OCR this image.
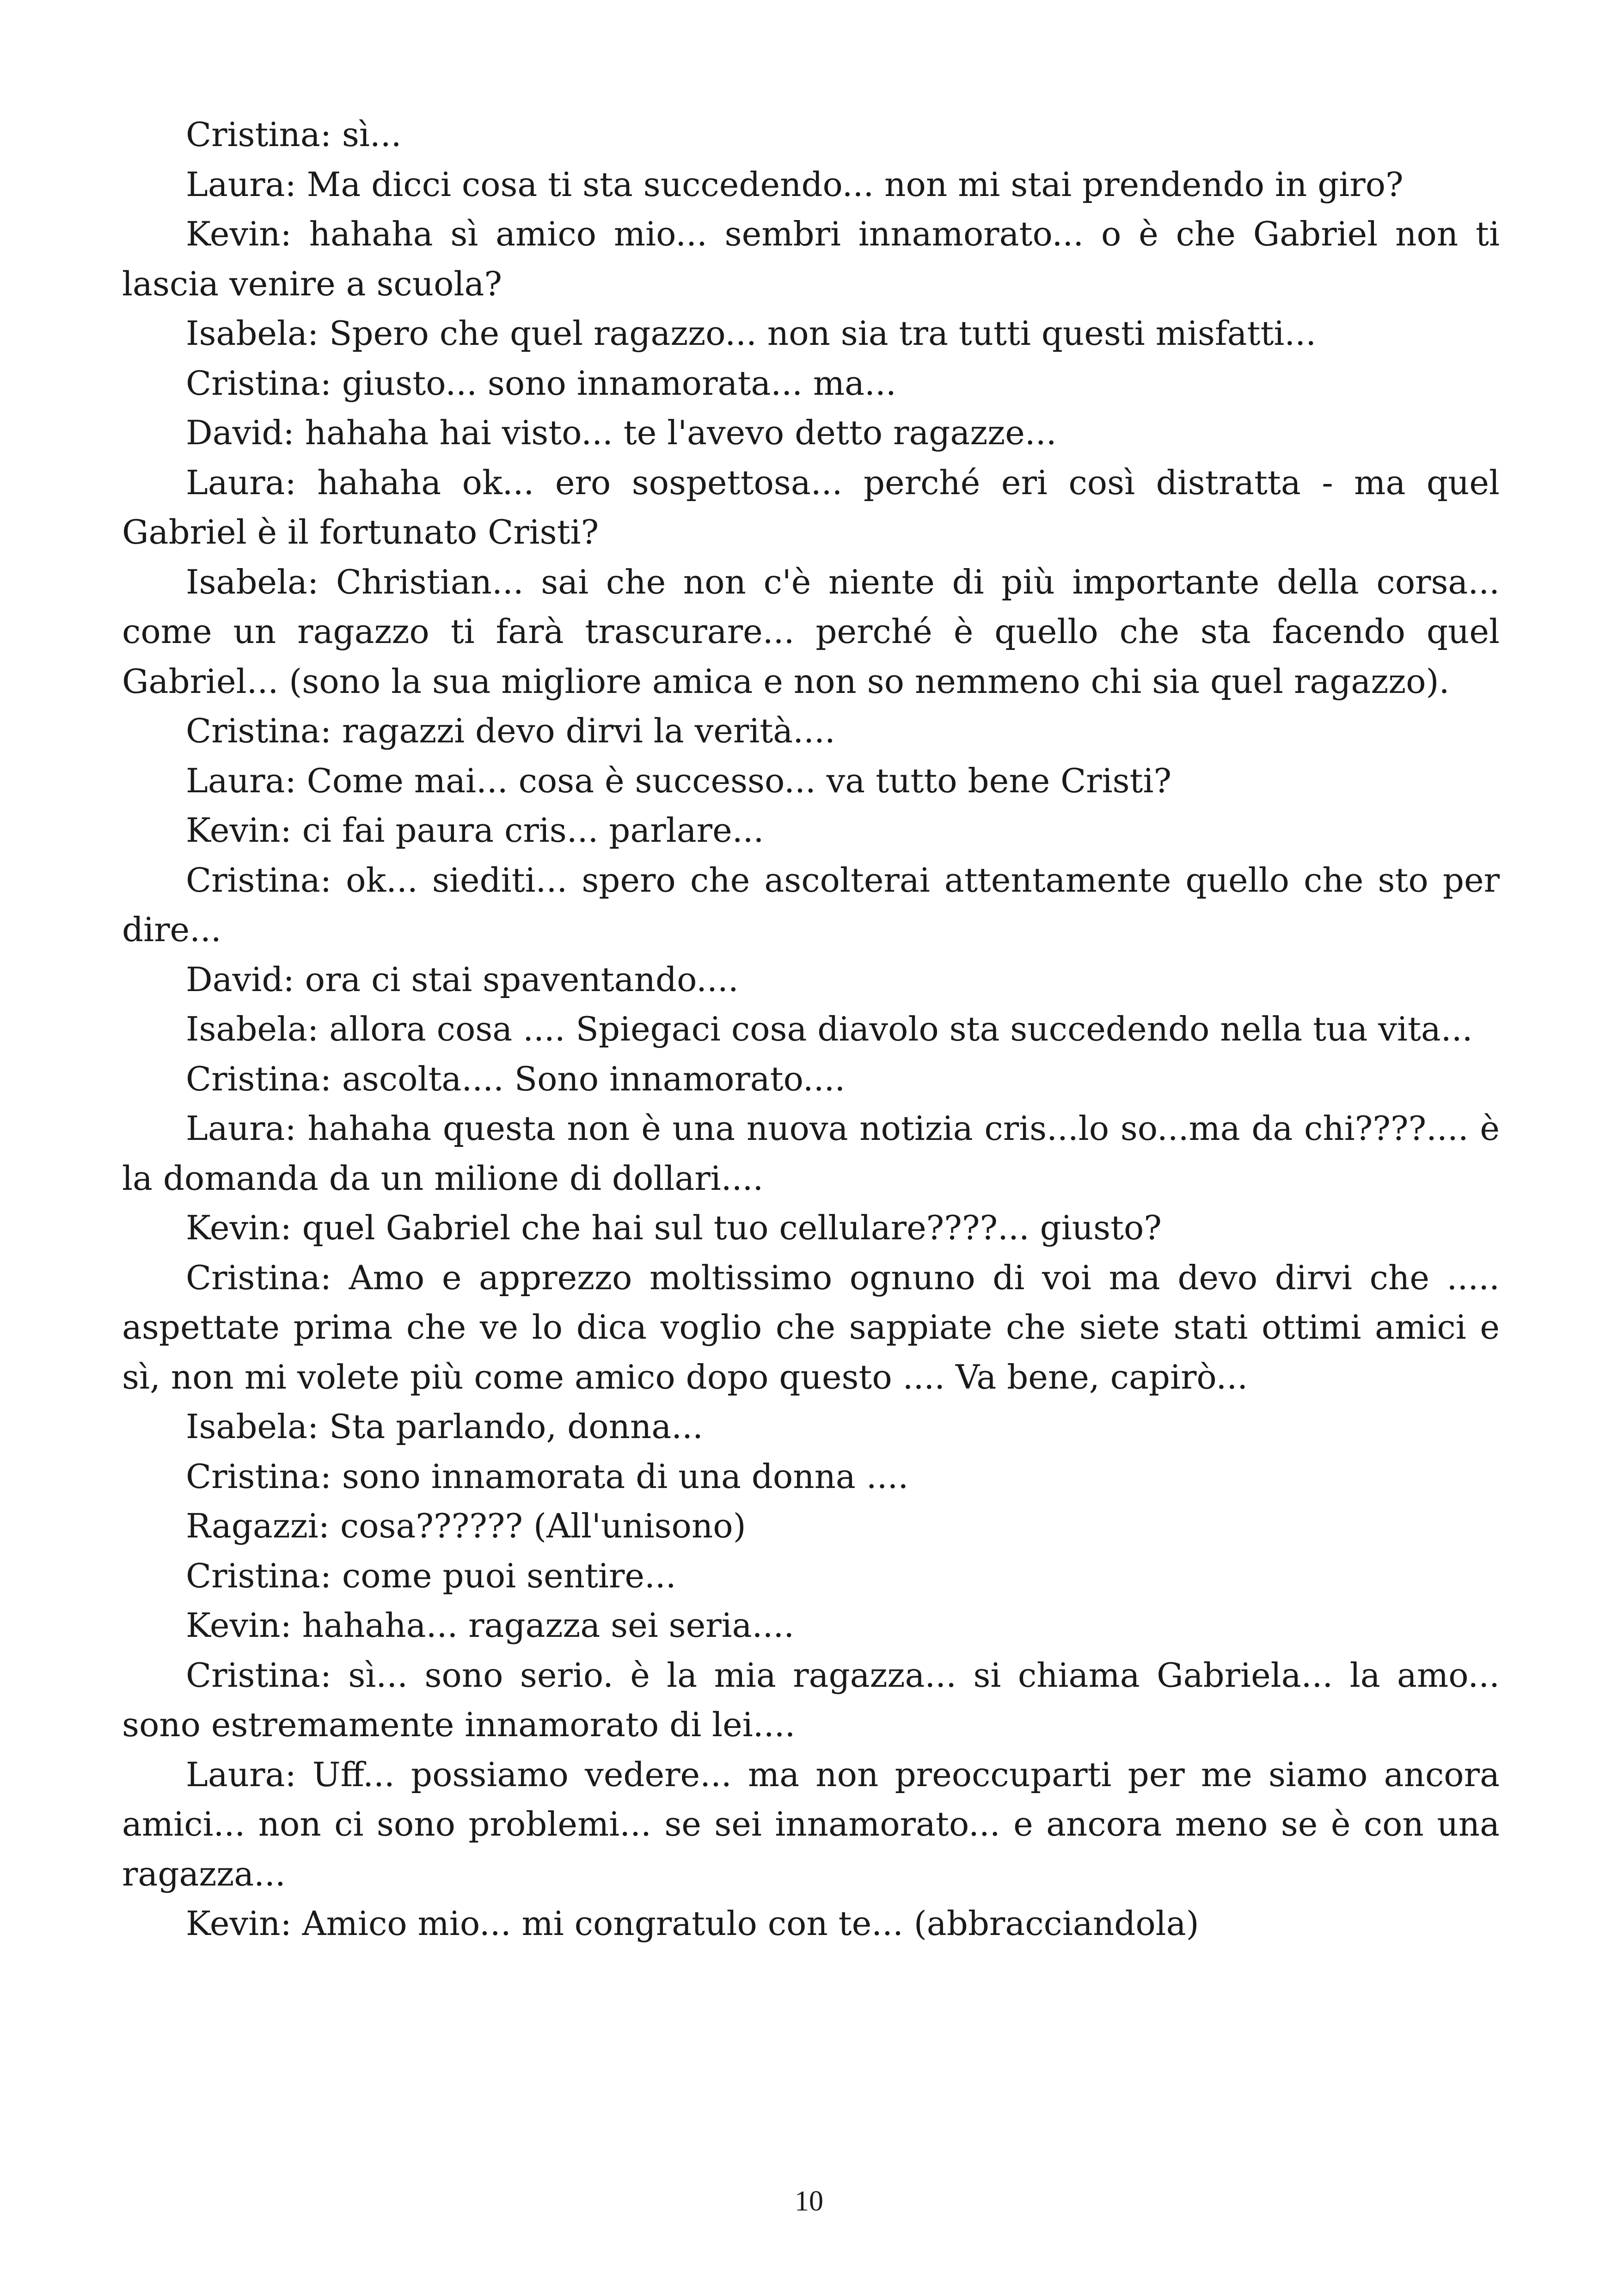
Cristina: sì...

Laura: Ma dicci cosa ti sta succedendo... non mi stai prendendo in giro?

Kevin: hahaha sì amico mio... sembri innamorato... o è che Gabriel non ti lascia venire a scuola?

Isabela: Spero che quel ragazzo... non sia tra tutti questi misfatti...

Cristina: giusto... sono innamorata... ma...

David: hahaha hai visto... te l'avevo detto ragazze...

Laura: hahaha ok... ero sospettosa... perché eri così distratta - ma quel Gabriel è il fortunato Cristi?

Isabela: Christian... sai che non c'è niente di più importante della corsa... come un ragazzo ti farà trascurare... perché è quello che sta facendo quel Gabriel... (sono la sua migliore amica e non so nemmeno chi sia quel ragazzo).

Cristina: ragazzi devo dirvi la verità....

Laura: Come mai... cosa è successo... va tutto bene Cristi?

Kevin: ci fai paura cris... parlare...

Cristina: ok... siediti... spero che ascolterai attentamente quello che sto per dire...

David: ora ci stai spaventando....

Isabela: allora cosa .... Spiegaci cosa diavolo sta succedendo nella tua vita...

Cristina: ascolta.... Sono innamorato....

Laura: hahaha questa non è una nuova notizia cris...lo so...ma da chi????.... è la domanda da un milione di dollari....

Kevin: quel Gabriel che hai sul tuo cellulare????... giusto?

Cristina: Amo e apprezzo moltissimo ognuno di voi ma devo dirvi che ..... aspettate prima che ve lo dica voglio che sappiate che siete stati ottimi amici e sì, non mi volete più come amico dopo questo .... Va bene, capirò...

Isabela: Sta parlando, donna...

Cristina: sono innamorata di una donna ....

Ragazzi: cosa?????? (All'unisono)

Cristina: come puoi sentire...

Kevin: hahaha... ragazza sei seria....

Cristina: sì... sono serio. è la mia ragazza... si chiama Gabriela... la amo... sono estremamente innamorato di lei....

Laura: Uff... possiamo vedere... ma non preoccuparti per me siamo ancora amici... non ci sono problemi... se sei innamorato... e ancora meno se è con una ragazza...

Kevin: Amico mio... mi congratulo con te... (abbracciandola)

10
